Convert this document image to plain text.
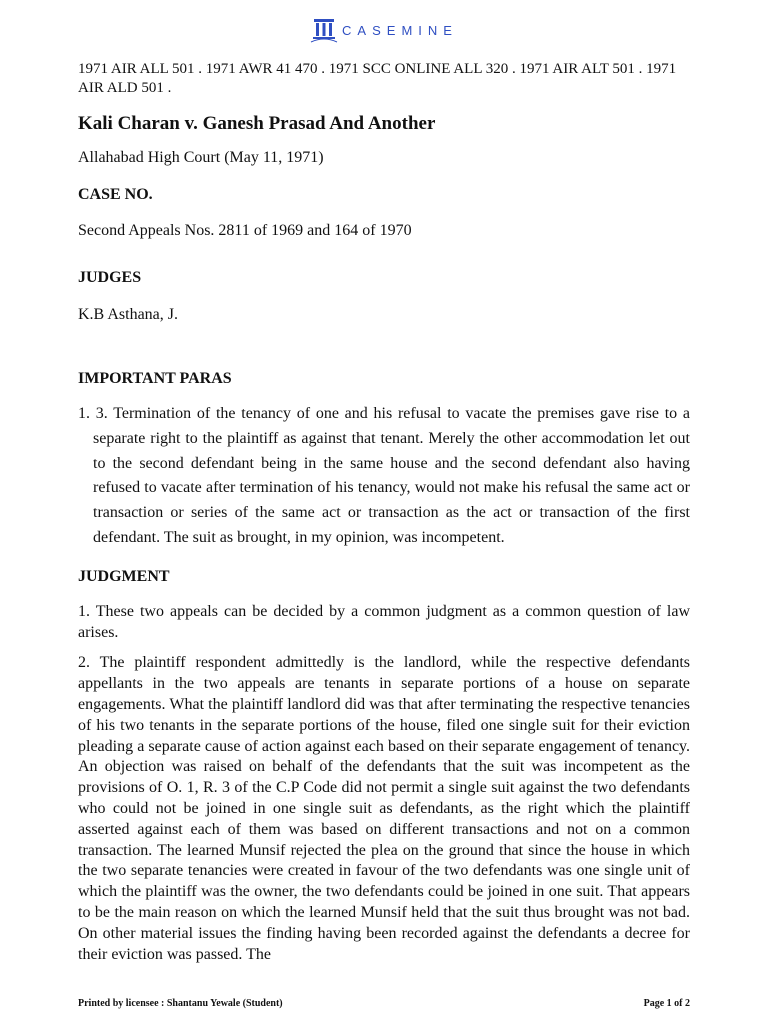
CASEMINE

1971 AIR ALL 501 . 1971 AWR 41 470 . 1971 SCC ONLINE ALL 320 . 1971 AIR ALT 501 . 1971 AIR ALD 501 .

Kali Charan v. Ganesh Prasad And Another

Allahabad High Court (May 11, 1971)

CASE NO.

Second Appeals Nos. 2811 of 1969 and 164 of 1970

JUDGES

K.B Asthana, J.

IMPORTANT PARAS
1. 3. Termination of the tenancy of one and his refusal to vacate the premises gave rise to a separate right to the plaintiff as against that tenant. Merely the other accommodation let out to the second defendant being in the same house and the second defendant also having refused to vacate after termination of his tenancy, would not make his refusal the same act or transaction or series of the same act or transaction as the act or transaction of the first defendant. The suit as brought, in my opinion, was incompetent.
JUDGMENT

1. These two appeals can be decided by a common judgment as a common question of law arises.

2. The plaintiff respondent admittedly is the landlord, while the respective defendants appellants in the two appeals are tenants in separate portions of a house on separate engagements. What the plaintiff landlord did was that after terminating the respective tenancies of his two tenants in the separate portions of the house, filed one single suit for their eviction pleading a separate cause of action against each based on their separate engagement of tenancy. An objection was raised on behalf of the defendants that the suit was incompetent as the provisions of O. 1, R. 3 of the C.P Code did not permit a single suit against the two defendants who could not be joined in one single suit as defendants, as the right which the plaintiff asserted against each of them was based on different transactions and not on a common transaction. The learned Munsif rejected the plea on the ground that since the house in which the two separate tenancies were created in favour of the two defendants was one single unit of which the plaintiff was the owner, the two defendants could be joined in one suit. That appears to be the main reason on which the learned Munsif held that the suit thus brought was not bad. On other material issues the finding having been recorded against the defendants a decree for their eviction was passed. The

Printed by licensee : Shantanu Yewale (Student)	Page 1 of 2
